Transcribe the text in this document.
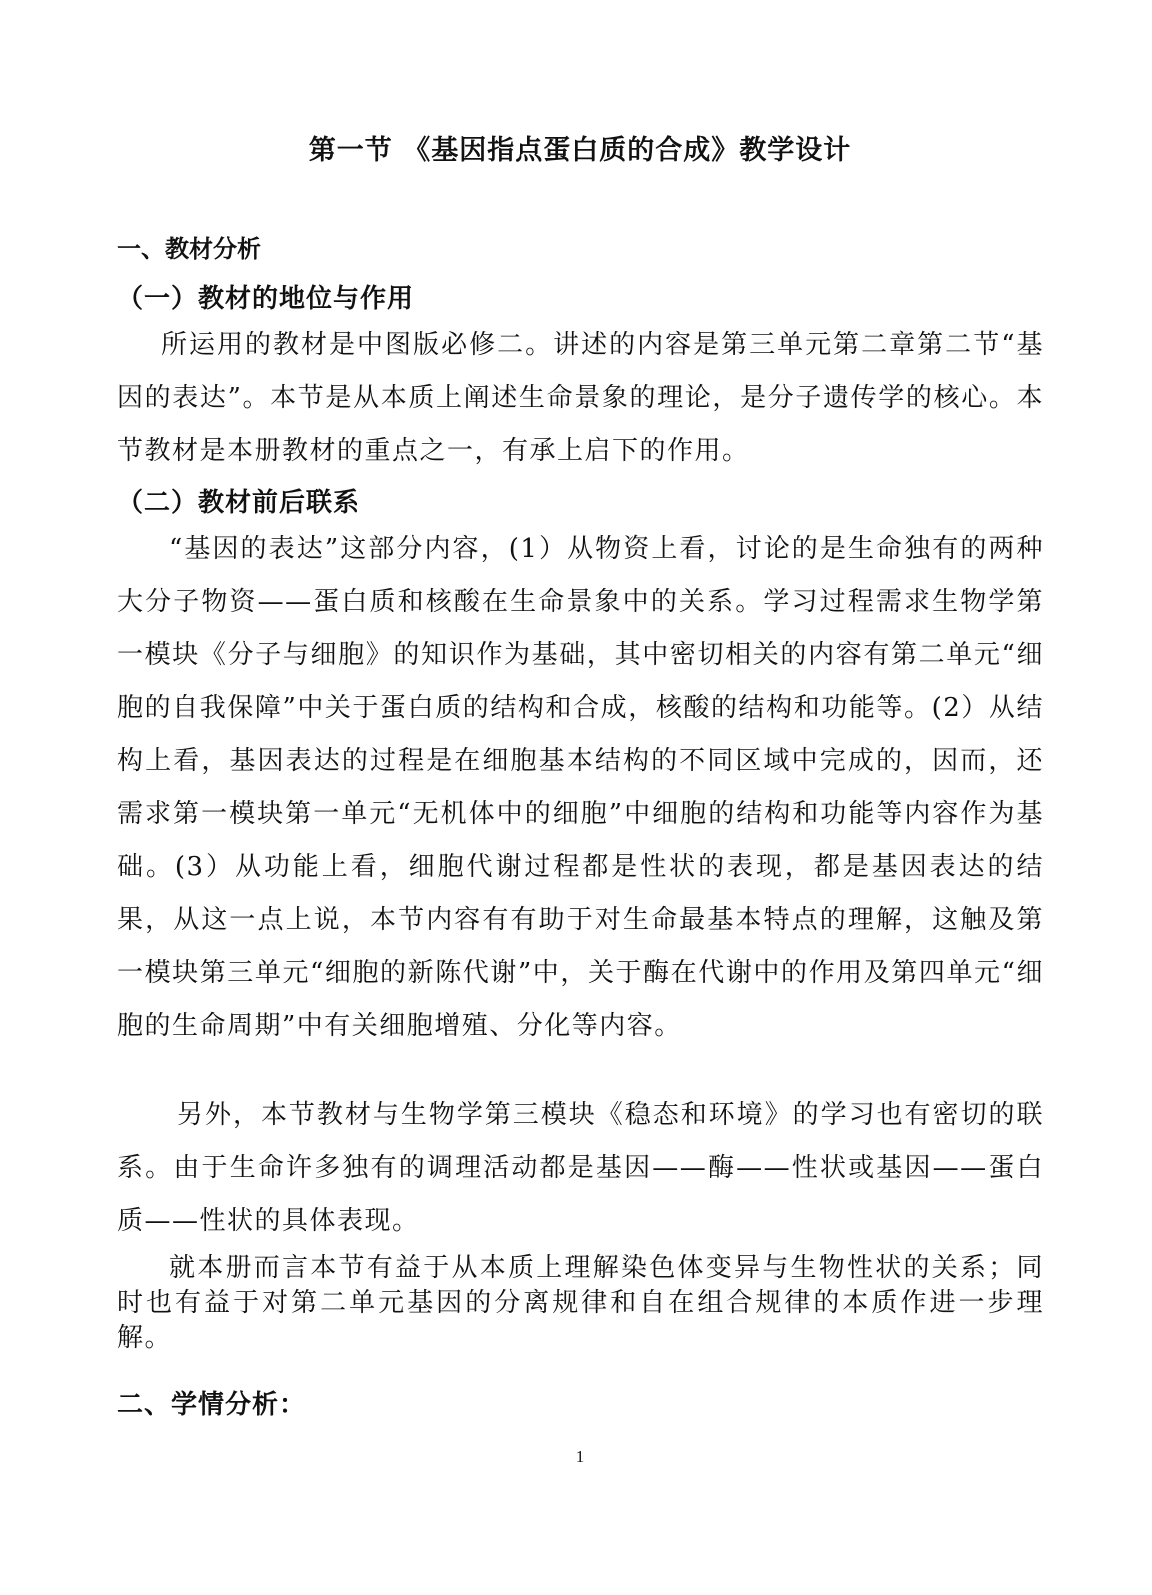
第一节 《基因指点蛋白质的合成》教学设计
一、教材分析
（一）教材的地位与作用

所运用的教材是中图版必修二。讲述的内容是第三单元第二章第二节“基因的表达”。本节是从本质上阐述生命景象的理论，是分子遗传学的核心。本节教材是本册教材的重点之一，有承上启下的作用。

（二）教材前后联系

“基因的表达”这部分内容，(1）从物资上看，讨论的是生命独有的两种大分子物资——蛋白质和核酸在生命景象中的关系。学习过程需求生物学第一模块《分子与细胞》的知识作为基础，其中密切相关的内容有第二单元“细胞的自我保障”中关于蛋白质的结构和合成，核酸的结构和功能等。(2）从结构上看，基因表达的过程是在细胞基本结构的不同区域中完成的，因而，还需求第一模块第一单元“无机体中的细胞”中细胞的结构和功能等内容作为基础。(3）从功能上看，细胞代谢过程都是性状的表现，都是基因表达的结果，从这一点上说，本节内容有有助于对生命最基本特点的理解，这触及第一模块第三单元“细胞的新陈代谢”中，关于酶在代谢中的作用及第四单元“细胞的生命周期”中有关细胞增殖、分化等内容。

另外，本节教材与生物学第三模块《稳态和环境》的学习也有密切的联系。由于生命许多独有的调理活动都是基因——酶——性状或基因——蛋白质——性状的具体表现。

就本册而言本节有益于从本质上理解染色体变异与生物性状的关系；同时也有益于对第二单元基因的分离规律和自在组合规律的本质作进一步理解。

二、学情分析：
1
